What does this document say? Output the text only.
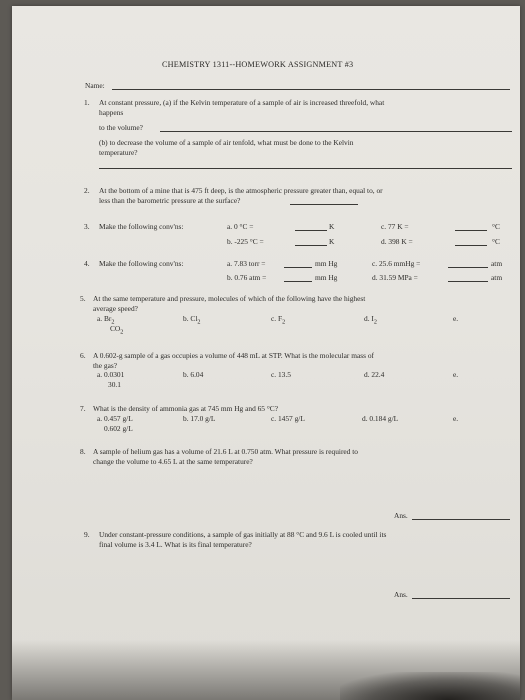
CHEMISTRY 1311--HOMEWORK ASSIGNMENT #3
Name:
1. At constant pressure, (a) if the Kelvin temperature of a sample of air is increased threefold, what
happens
to the volume?
(b) to decrease the volume of a sample of air tenfold, what must be done to the Kelvin
temperature?
2. At the bottom of a mine that is 475 ft deep, is the atmospheric pressure greater than, equal to, or
less than the barometric pressure at the surface?
3. Make the following conv'ns:	a. 0 °C =	K	c. 77 K =	°C
b. -225 °C =	K	d. 398 K =	°C
4. Make the following conv'ns:	a. 7.83 torr =	mm Hg	c. 25.6 mmHg =	atm
b. 0.76 atm =	mm Hg	d. 31.59 MPa =	atm
5. At the same temperature and pressure, molecules of which of the following have the highest
average speed?
a. $Br_2$	b. $Cl_2$	c. $F_2$	d. $I_2$	e.
$CO_2$
6. A 0.602-g sample of a gas occupies a volume of 448 mL at STP. What is the molecular mass of
the gas?
a. 0.0301	b. 6.04	c. 13.5	d. 22.4	e.
30.1
7. What is the density of ammonia gas at 745 mm Hg and 65 °C?
a. 0.457 g/L	b. 17.0 g/L	c. 1457 g/L	d. 0.184 g/L	e.
0.602 g/L
8. A sample of helium gas has a volume of 21.6 L at 0.750 atm. What pressure is required to
change the volume to 4.65 L at the same temperature?
Ans.
9. Under constant-pressure conditions, a sample of gas initially at 88 °C and 9.6 L is cooled until its
final volume is 3.4 L. What is its final temperature?
Ans.
